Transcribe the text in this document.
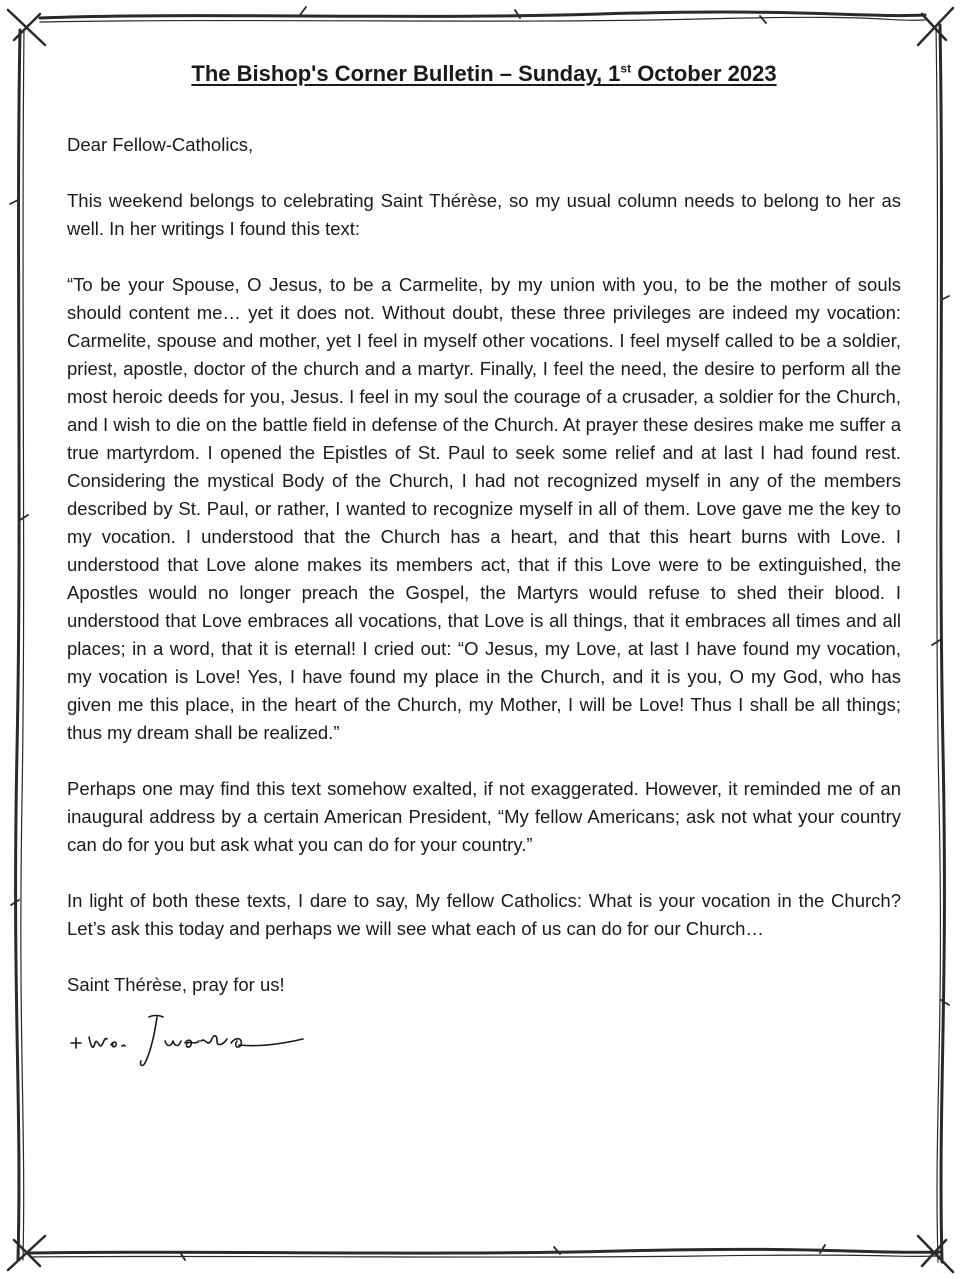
The Bishop's Corner Bulletin – Sunday, 1st October 2023

Dear Fellow-Catholics,

This weekend belongs to celebrating Saint Thérèse, so my usual column needs to belong to her as well. In her writings I found this text:

“To be your Spouse, O Jesus, to be a Carmelite, by my union with you, to be the mother of souls should content me… yet it does not. Without doubt, these three privileges are indeed my vocation: Carmelite, spouse and mother, yet I feel in myself other vocations. I feel myself called to be a soldier, priest, apostle, doctor of the church and a martyr. Finally, I feel the need, the desire to perform all the most heroic deeds for you, Jesus. I feel in my soul the courage of a crusader, a soldier for the Church, and I wish to die on the battle field in defense of the Church. At prayer these desires make me suffer a true martyrdom. I opened the Epistles of St. Paul to seek some relief and at last I had found rest. Considering the mystical Body of the Church, I had not recognized myself in any of the members described by St. Paul, or rather, I wanted to recognize myself in all of them. Love gave me the key to my vocation. I understood that the Church has a heart, and that this heart burns with Love. I understood that Love alone makes its members act, that if this Love were to be extinguished, the Apostles would no longer preach the Gospel, the Martyrs would refuse to shed their blood. I understood that Love embraces all vocations, that Love is all things, that it embraces all times and all places; in a word, that it is eternal! I cried out: “O Jesus, my Love, at last I have found my vocation, my vocation is Love! Yes, I have found my place in the Church, and it is you, O my God, who has given me this place, in the heart of the Church, my Mother, I will be Love! Thus I shall be all things; thus my dream shall be realized.”

Perhaps one may find this text somehow exalted, if not exaggerated. However, it reminded me of an inaugural address by a certain American President, “My fellow Americans; ask not what your country can do for you but ask what you can do for your country.”

In light of both these texts, I dare to say, My fellow Catholics: What is your vocation in the Church? Let’s ask this today and perhaps we will see what each of us can do for our Church…

Saint Thérèse, pray for us!
